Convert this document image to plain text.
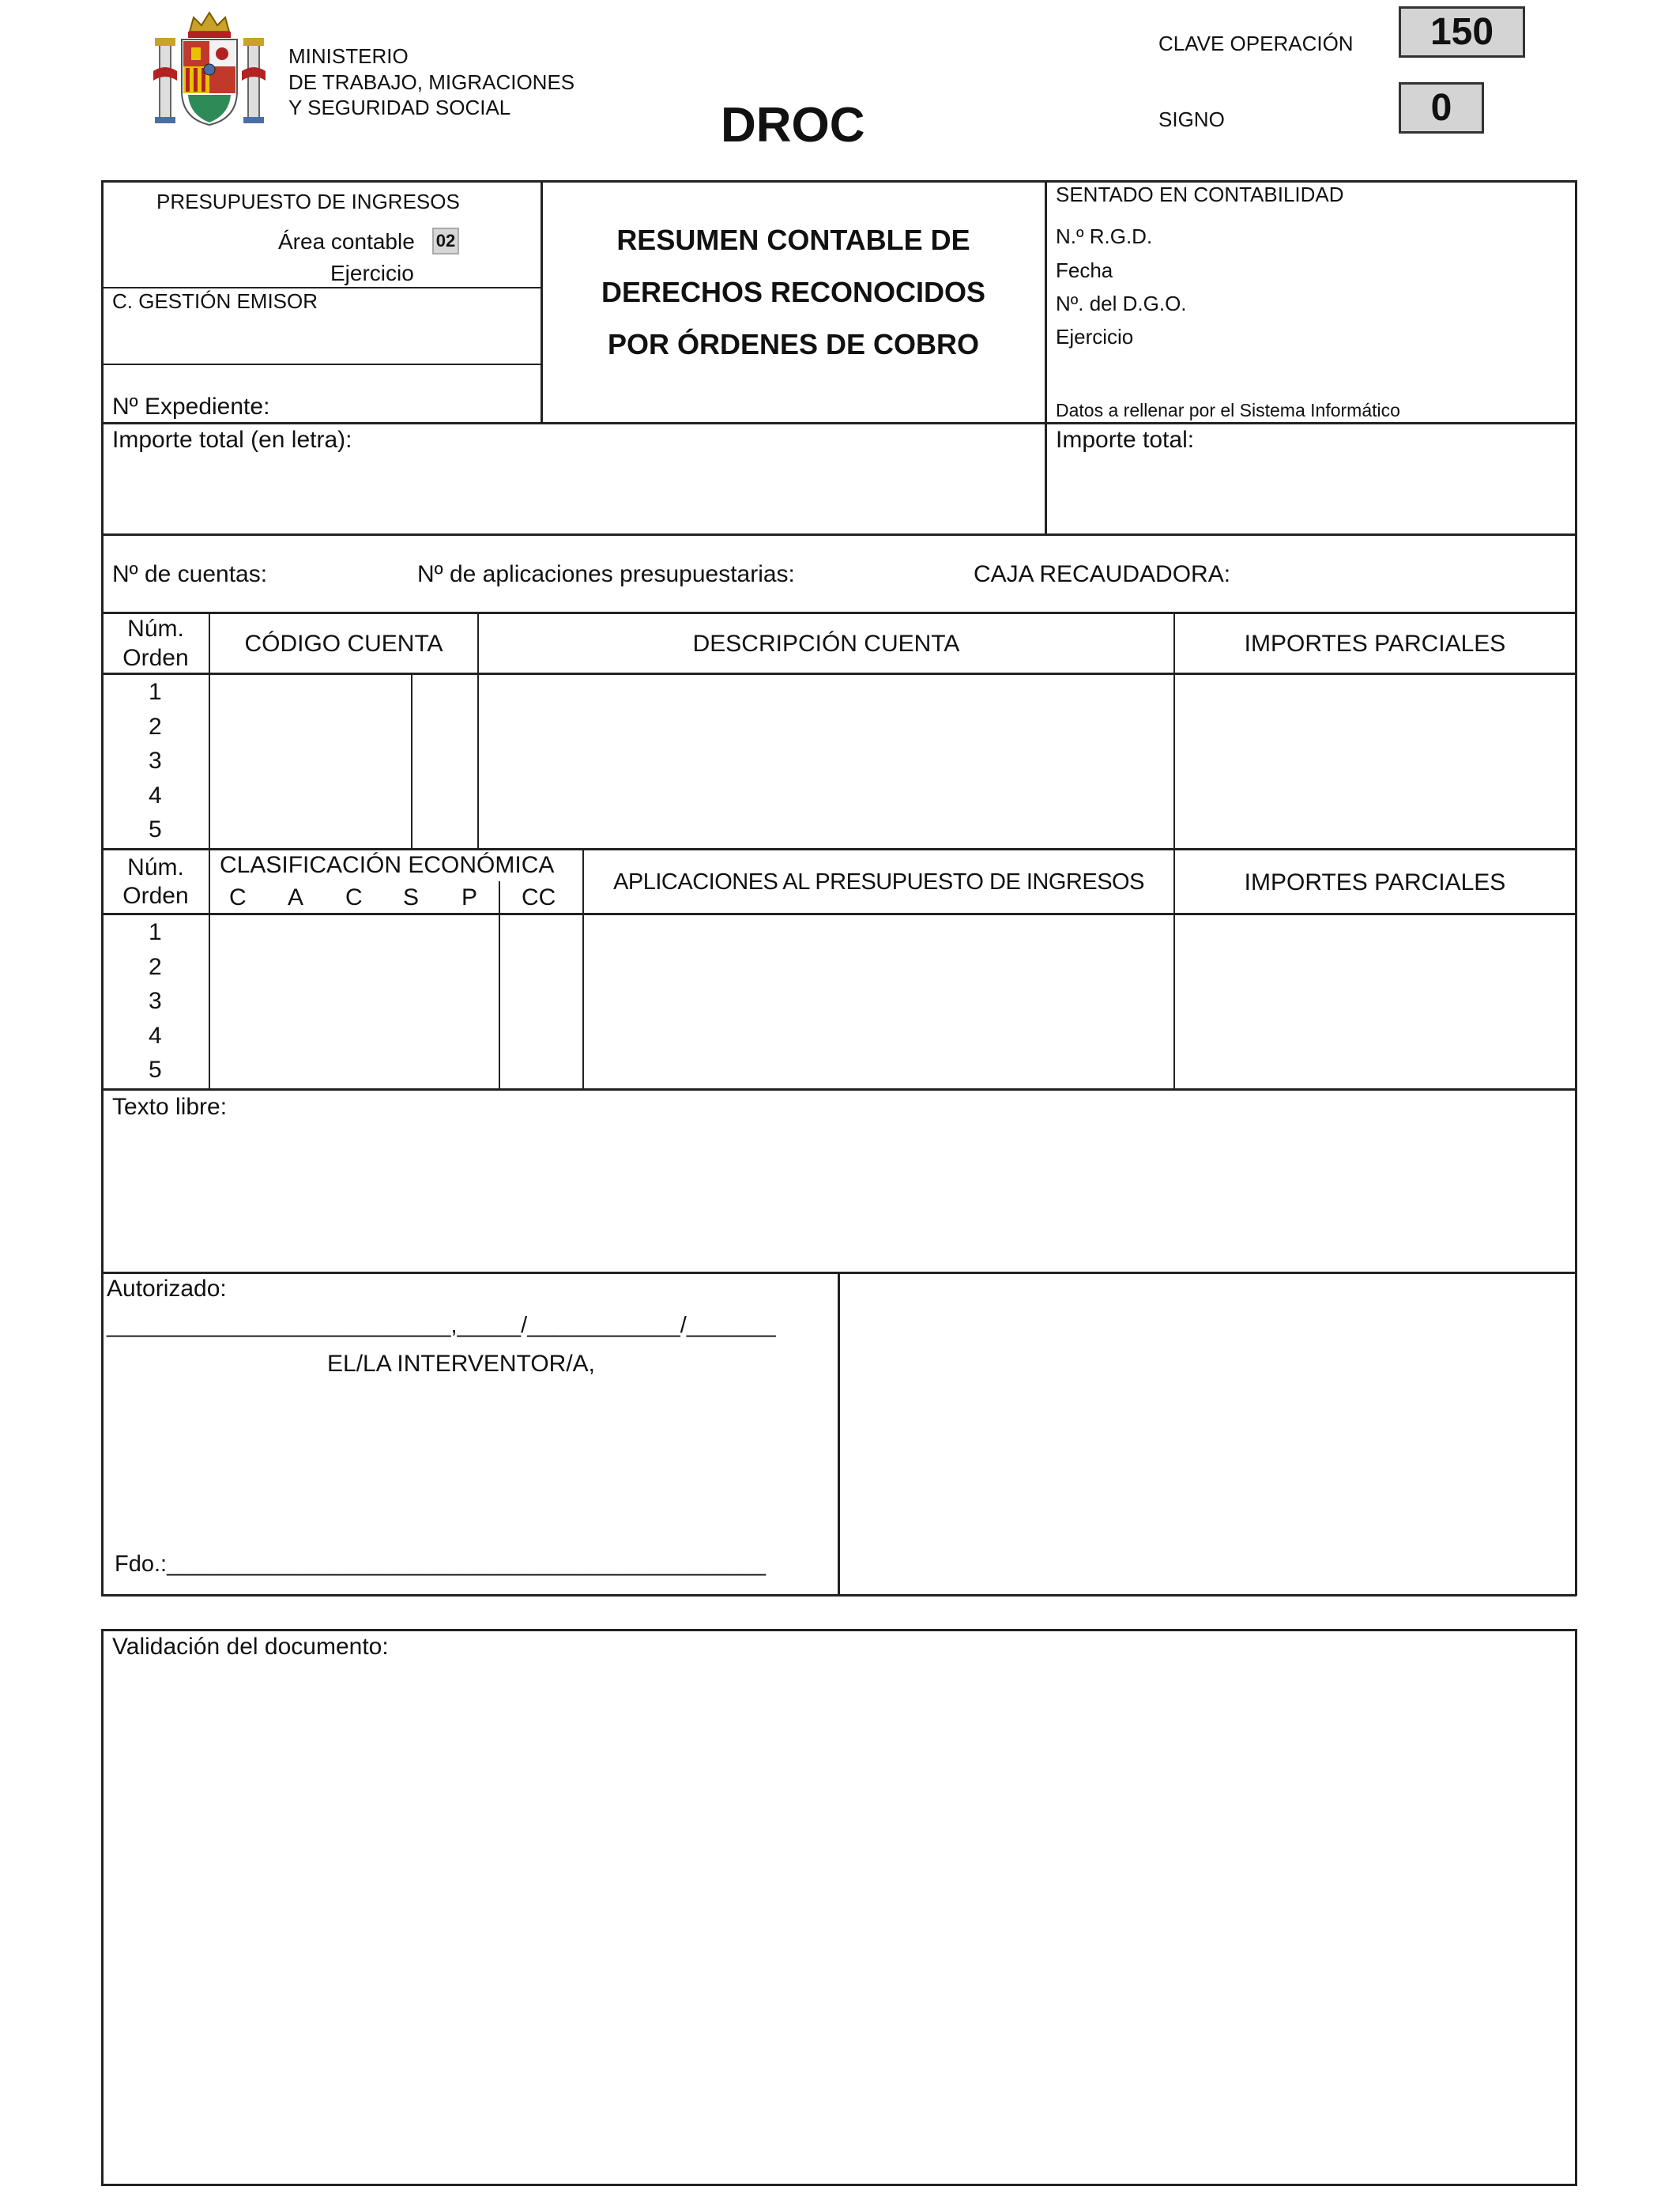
MINISTERIO
DE TRABAJO, MIGRACIONES
Y SEGURIDAD SOCIAL	DROC
CLAVE OPERACIÓN	150
SIGNO	0
PRESUPUESTO DE INGRESOS
Área contable 02
Ejercicio
C. GESTIÓN EMISOR
Nº Expediente:
RESUMEN CONTABLE DE
DERECHOS RECONOCIDOS
POR ÓRDENES DE COBRO
SENTADO EN CONTABILIDAD
N.º R.G.D.
Fecha
Nº. del D.G.O.
Ejercicio
Datos a rellenar por el Sistema Informático
Importe total (en letra):	Importe total:
Nº de cuentas:	Nº de aplicaciones presupuestarias:	CAJA RECAUDADORA:
Núm.
Orden
CÓDIGO CUENTA	DESCRIPCIÓN CUENTA	IMPORTES PARCIALES
1
2
3
4
5
Núm.
Orden
CLASIFICACIÓN ECONÓMICA
C A C S P CC
APLICACIONES AL PRESUPUESTO DE INGRESOS	IMPORTES PARCIALES
1
2
3
4
5
Texto libre:
Autorizado:
___________________________,_____/____________/_______
EL/LA INTERVENTOR/A,
Fdo.:_______________________________________________
Validación del documento:
